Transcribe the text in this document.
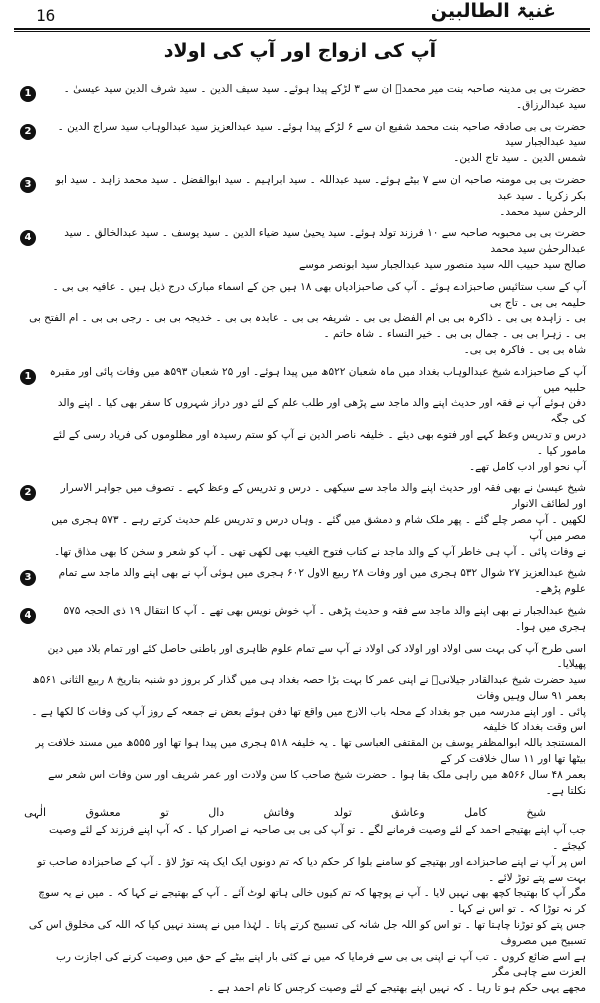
16	غنیۃ الطالبین
آپ کی ازواج اور آپ کی اولاد
1	حضرت بی بی مدینہ صاحبہ بنت میر محمدؒ ان سے ۳ لڑکے پیدا ہوئے۔ سید سیف الدین ۔ سید شرف الدین سید عیسیٰ ۔ سید عبدالرزاق۔
2	حضرت بی بی صادقہ صاحبہ بنت محمد شفیع ان سے ۶ لڑکے پیدا ہوئے۔ سید عبدالعزیز سید عبدالوہاب سید سراج الدین ۔ سید عبدالجبار سید
شمس الدین ۔ سید تاج الدین۔
3	حضرت بی بی مومنہ صاحبہ ان سے ۷ بیٹے ہوئے۔ سید عبداللہ ۔ سید ابراہیم ۔ سید ابوالفضل ۔ سید محمد زاہد ۔ سید ابو بکر زکریا ۔ سید عبد
الرحمٰن سید محمد۔
4	حضرت بی بی محبوبہ صاحبہ سے ۱۰ فرزند تولد ہوئے۔ سید یحییٰ سید ضیاء الدین ۔ سید یوسف ۔ سید عبدالخالق ۔ سید عبدالرحمٰن سید محمد
صالح سید حبیب اللہ سید منصور سید عبدالجبار سید ابونصر موسے
آپ کے سب ستائیس صاحبزادے ہوئے ۔ آپ کی صاحبزادیاں بھی ۱۸ ہیں جن کے اسماء مبارک درج ذیل ہیں ۔ عافیہ بی بی ۔ حلیمہ بی بی ۔ تاج بی
بی ۔ زاہدہ بی بی ۔ ذاکرہ بی بی ام الفضل بی بی ۔ شریفہ بی بی ۔ عابدہ بی بی ۔ خدیجہ بی بی ۔ رجی بی بی ۔ ام الفتح بی بی ۔ زہرا بی بی ۔ جمال بی بی ۔ خیر النساء ۔ شاہ حاتم ۔
شاہ بی بی ۔ فاکرہ بی بی۔
1	آپ کے صاحبزادے شیخ عبدالوہاب بغداد میں ماہ شعبان ۵۲۲ھ میں پیدا ہوئے۔ اور ۲۵ شعبان ۵۹۳ھ میں وفات پائی اور مقبرہ حلبیہ میں
دفن ہوئے آپ نے فقہ اور حدیث اپنے والد ماجد سے پڑھی اور طلب علم کے لئے دور دراز شہروں کا سفر بھی کیا ۔ اپنے والد کی جگہ
درس و تدریس وعظ کہے اور فتوے بھی دیئے ۔ خلیفہ ناصر الدین نے آپ کو ستم رسیدہ اور مظلوموں کی فریاد رسی کے لئے مامور کیا ۔
آپ نحو اور ادب کامل تھے۔
2	شیخ عیسیٰ نے بھی فقہ اور حدیث اپنے والد ماجد سے سیکھی ۔ درس و تدریس کے وعظ کہے ۔ تصوف میں جواہر الاسرار اور لطائف الانوار
لکھیں ۔ آپ مصر چلے گئے ۔ پھر ملک شام و دمشق میں گئے ۔ وہاں درس و تدریس علم حدیث کرتے رہے ۔ ۵۷۳ ہجری میں مصر میں آپ
نے وفات پائی ۔ آپ ہی خاطر آپ کے والد ماجد نے کتاب فتوح الغیب بھی لکھی تھی ۔ آپ کو شعر و سخن کا بھی مذاق تھا۔
3	شیخ عبدالعزیز ۲۷ شوال ۵۳۲ ہجری میں اور وفات ۲۸ ربیع الاول ۶۰۲ ہجری میں ہوئی آپ نے بھی اپنے والد ماجد سے تمام علوم پڑھے۔
4	شیخ عبدالجبار نے بھی اپنے والد ماجد سے فقہ و حدیث پڑھی ۔ آپ خوش نویس بھی تھے ۔ آپ کا انتقال ۱۹ ذی الحجہ ۵۷۵ ہجری میں ہوا۔
اسی طرح آپ کی بہت سی اولاد اور اولاد کی اولاد نے آپ سے تمام علوم ظاہری اور باطنی حاصل کئے اور تمام بلاد میں دین پھیلایا۔
سید حضرت شیخ عبدالقادر جیلانیؒ نے اپنی عمر کا بہت بڑا حصہ بغداد ہی میں گذار کر بروز دو شنبہ بتاریخ ۸ ربیع الثانی ۵۶۱ھ بعمر ۹۱ سال وہیں وفات
پائی ۔ اور اپنے مدرسہ میں جو بغداد کے محلہ باب الازج میں واقع تھا دفن ہوئے بعض نے جمعہ کے روز آپ کی وفات کا لکھا ہے ۔ اس وقت بغداد کا خلیفہ
المستنجد باللہ ابوالمظفر یوسف بن المقتفی العباسی تھا ۔ یہ خلیفہ ۵۱۸ ہجری میں پیدا ہوا تھا اور ۵۵۵ھ میں مسند خلافت پر بیٹھا تھا اور ۱۱ سال خلافت کر کے
بعمر ۴۸ سال ۵۶۶ھ میں راہی ملک بقا ہوا ۔ حضرت شیخ صاحب کا سن ولادت اور عمر شریف اور سن وفات اس شعر سے نکلتا ہے۔
شیخ
کامل
وعاشق
تولد
وفاتش
دال
تو
معشوق
الٰہی
جب آپ اپنے بھتیجے احمد کے لئے وصیت فرمانے لگے ۔ تو آپ کی بی بی صاحبہ نے اصرار کیا ۔ کہ آپ اپنے فرزند کے لئے وصیت کیجئے ۔
اس پر آپ نے اپنے صاحبزادے اور بھتیجے کو سامنے بلوا کر حکم دیا کہ تم دونوں ایک ایک پتہ توڑ لاؤ ۔ آپ کے صاحبزادہ صاحب تو بہت سے پتے توڑ لائے ۔
مگر آپ کا بھتیجا کچھ بھی نہیں لایا ۔ آپ نے پوچھا کہ تم کیوں خالی ہاتھ لوٹ آئے ۔ آپ کے بھتیجے نے کہا کہ ۔ میں نے یہ سوچ کر نہ توڑا کہ ۔ تو اس نے کہا ۔
جس پتے کو توڑنا چاہتا تھا ۔ تو اس کو اللہ جل شانہ کی تسبیح کرتے پاتا ۔ لہٰذا میں نے پسند نہیں کیا کہ اللہ کی مخلوق اس کی تسبیح میں مصروف
ہے اسے ضائع کروں ۔ تب آپ نے اپنی بی بی سے فرمایا کہ میں نے کئی بار اپنے بیٹے کے حق میں وصیت کرنے کی اجازت رب العزت سے چاہی مگر
مجھے یہی حکم ہو تا رہا ۔ کہ نہیں اپنے بھتیجے کے لئے وصیت کرجس کا نام احمد ہے ۔
